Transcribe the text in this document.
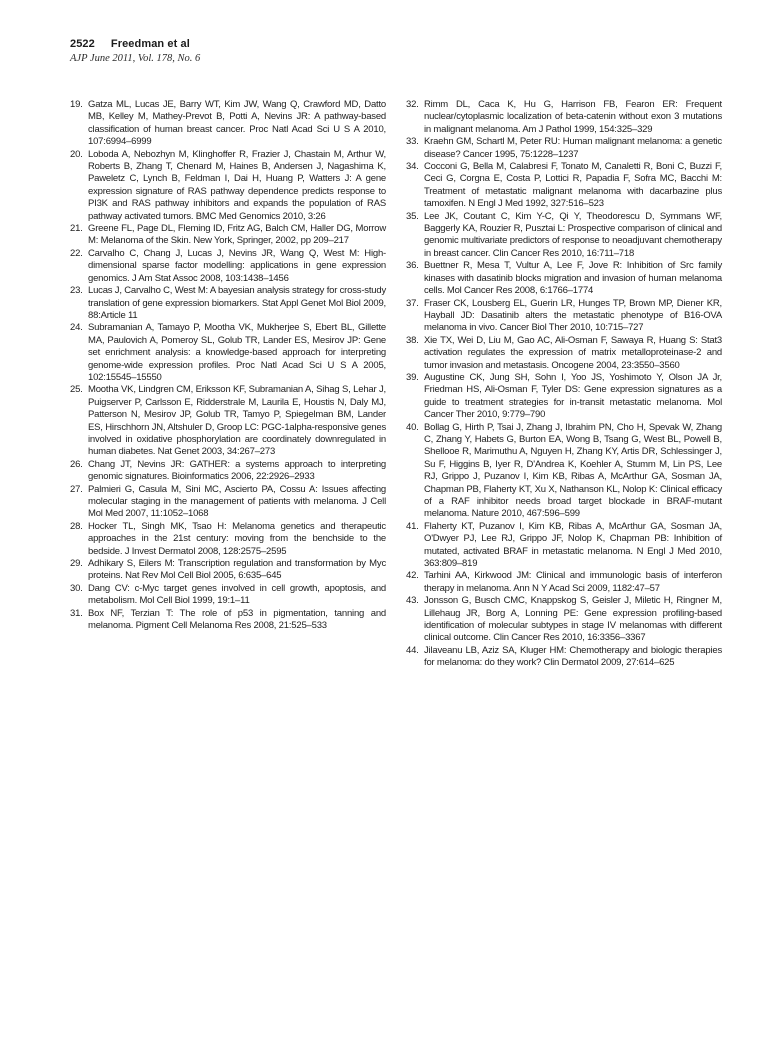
2522 Freedman et al
AJP June 2011, Vol. 178, No. 6
19. Gatza ML, Lucas JE, Barry WT, Kim JW, Wang Q, Crawford MD, Datto MB, Kelley M, Mathey-Prevot B, Potti A, Nevins JR: A pathway-based classification of human breast cancer. Proc Natl Acad Sci U S A 2010, 107:6994–6999
20. Loboda A, Nebozhyn M, Klinghoffer R, Frazier J, Chastain M, Arthur W, Roberts B, Zhang T, Chenard M, Haines B, Andersen J, Nagashima K, Paweletz C, Lynch B, Feldman I, Dai H, Huang P, Watters J: A gene expression signature of RAS pathway dependence predicts response to PI3K and RAS pathway inhibitors and expands the population of RAS pathway activated tumors. BMC Med Genomics 2010, 3:26
21. Greene FL, Page DL, Fleming ID, Fritz AG, Balch CM, Haller DG, Morrow M: Melanoma of the Skin. New York, Springer, 2002, pp 209–217
22. Carvalho C, Chang J, Lucas J, Nevins JR, Wang Q, West M: High-dimensional sparse factor modelling: applications in gene expression genomics. J Am Stat Assoc 2008, 103:1438–1456
23. Lucas J, Carvalho C, West M: A bayesian analysis strategy for cross-study translation of gene expression biomarkers. Stat Appl Genet Mol Biol 2009, 88:Article 11
24. Subramanian A, Tamayo P, Mootha VK, Mukherjee S, Ebert BL, Gillette MA, Paulovich A, Pomeroy SL, Golub TR, Lander ES, Mesirov JP: Gene set enrichment analysis: a knowledge-based approach for interpreting genome-wide expression profiles. Proc Natl Acad Sci U S A 2005, 102:15545–15550
25. Mootha VK, Lindgren CM, Eriksson KF, Subramanian A, Sihag S, Lehar J, Puigserver P, Carlsson E, Ridderstrale M, Laurila E, Houstis N, Daly MJ, Patterson N, Mesirov JP, Golub TR, Tamyo P, Spiegelman BM, Lander ES, Hirschhorn JN, Altshuler D, Groop LC: PGC-1alpha-responsive genes involved in oxidative phosphorylation are coordinately downregulated in human diabetes. Nat Genet 2003, 34:267–273
26. Chang JT, Nevins JR: GATHER: a systems approach to interpreting genomic signatures. Bioinformatics 2006, 22:2926–2933
27. Palmieri G, Casula M, Sini MC, Ascierto PA, Cossu A: Issues affecting molecular staging in the management of patients with melanoma. J Cell Mol Med 2007, 11:1052–1068
28. Hocker TL, Singh MK, Tsao H: Melanoma genetics and therapeutic approaches in the 21st century: moving from the benchside to the bedside. J Invest Dermatol 2008, 128:2575–2595
29. Adhikary S, Eilers M: Transcription regulation and transformation by Myc proteins. Nat Rev Mol Cell Biol 2005, 6:635–645
30. Dang CV: c-Myc target genes involved in cell growth, apoptosis, and metabolism. Mol Cell Biol 1999, 19:1–11
31. Box NF, Terzian T: The role of p53 in pigmentation, tanning and melanoma. Pigment Cell Melanoma Res 2008, 21:525–533
32. Rimm DL, Caca K, Hu G, Harrison FB, Fearon ER: Frequent nuclear/cytoplasmic localization of beta-catenin without exon 3 mutations in malignant melanoma. Am J Pathol 1999, 154:325–329
33. Kraehn GM, Schartl M, Peter RU: Human malignant melanoma: a genetic disease? Cancer 1995, 75:1228–1237
34. Cocconi G, Bella M, Calabresi F, Tonato M, Canaletti R, Boni C, Buzzi F, Ceci G, Corgna E, Costa P, Lottici R, Papadia F, Sofra MC, Bacchi M: Treatment of metastatic malignant melanoma with dacarbazine plus tamoxifen. N Engl J Med 1992, 327:516–523
35. Lee JK, Coutant C, Kim Y-C, Qi Y, Theodorescu D, Symmans WF, Baggerly KA, Rouzier R, Pusztai L: Prospective comparison of clinical and genomic multivariate predictors of response to neoadjuvant chemotherapy in breast cancer. Clin Cancer Res 2010, 16:711–718
36. Buettner R, Mesa T, Vultur A, Lee F, Jove R: Inhibition of Src family kinases with dasatinib blocks migration and invasion of human melanoma cells. Mol Cancer Res 2008, 6:1766–1774
37. Fraser CK, Lousberg EL, Guerin LR, Hunges TP, Brown MP, Diener KR, Hayball JD: Dasatinib alters the metastatic phenotype of B16-OVA melanoma in vivo. Cancer Biol Ther 2010, 10:715–727
38. Xie TX, Wei D, Liu M, Gao AC, Ali-Osman F, Sawaya R, Huang S: Stat3 activation regulates the expression of matrix metalloproteinase-2 and tumor invasion and metastasis. Oncogene 2004, 23:3550–3560
39. Augustine CK, Jung SH, Sohn I, Yoo JS, Yoshimoto Y, Olson JA Jr, Friedman HS, Ali-Osman F, Tyler DS: Gene expression signatures as a guide to treatment strategies for in-transit metastatic melanoma. Mol Cancer Ther 2010, 9:779–790
40. Bollag G, Hirth P, Tsai J, Zhang J, Ibrahim PN, Cho H, Spevak W, Zhang C, Zhang Y, Habets G, Burton EA, Wong B, Tsang G, West BL, Powell B, Shellooe R, Marimuthu A, Nguyen H, Zhang KY, Artis DR, Schlessinger J, Su F, Higgins B, Iyer R, D'Andrea K, Koehler A, Stumm M, Lin PS, Lee RJ, Grippo J, Puzanov I, Kim KB, Ribas A, McArthur GA, Sosman JA, Chapman PB, Flaherty KT, Xu X, Nathanson KL, Nolop K: Clinical efficacy of a RAF inhibitor needs broad target blockade in BRAF-mutant melanoma. Nature 2010, 467:596–599
41. Flaherty KT, Puzanov I, Kim KB, Ribas A, McArthur GA, Sosman JA, O'Dwyer PJ, Lee RJ, Grippo JF, Nolop K, Chapman PB: Inhibition of mutated, activated BRAF in metastatic melanoma. N Engl J Med 2010, 363:809–819
42. Tarhini AA, Kirkwood JM: Clinical and immunologic basis of interferon therapy in melanoma. Ann N Y Acad Sci 2009, 1182:47–57
43. Jonsson G, Busch CMC, Knappskog S, Geisler J, Miletic H, Ringner M, Lillehaug JR, Borg A, Lonning PE: Gene expression profiling-based identification of molecular subtypes in stage IV melanomas with different clinical outcome. Clin Cancer Res 2010, 16:3356–3367
44. Jilaveanu LB, Aziz SA, Kluger HM: Chemotherapy and biologic therapies for melanoma: do they work? Clin Dermatol 2009, 27:614–625
